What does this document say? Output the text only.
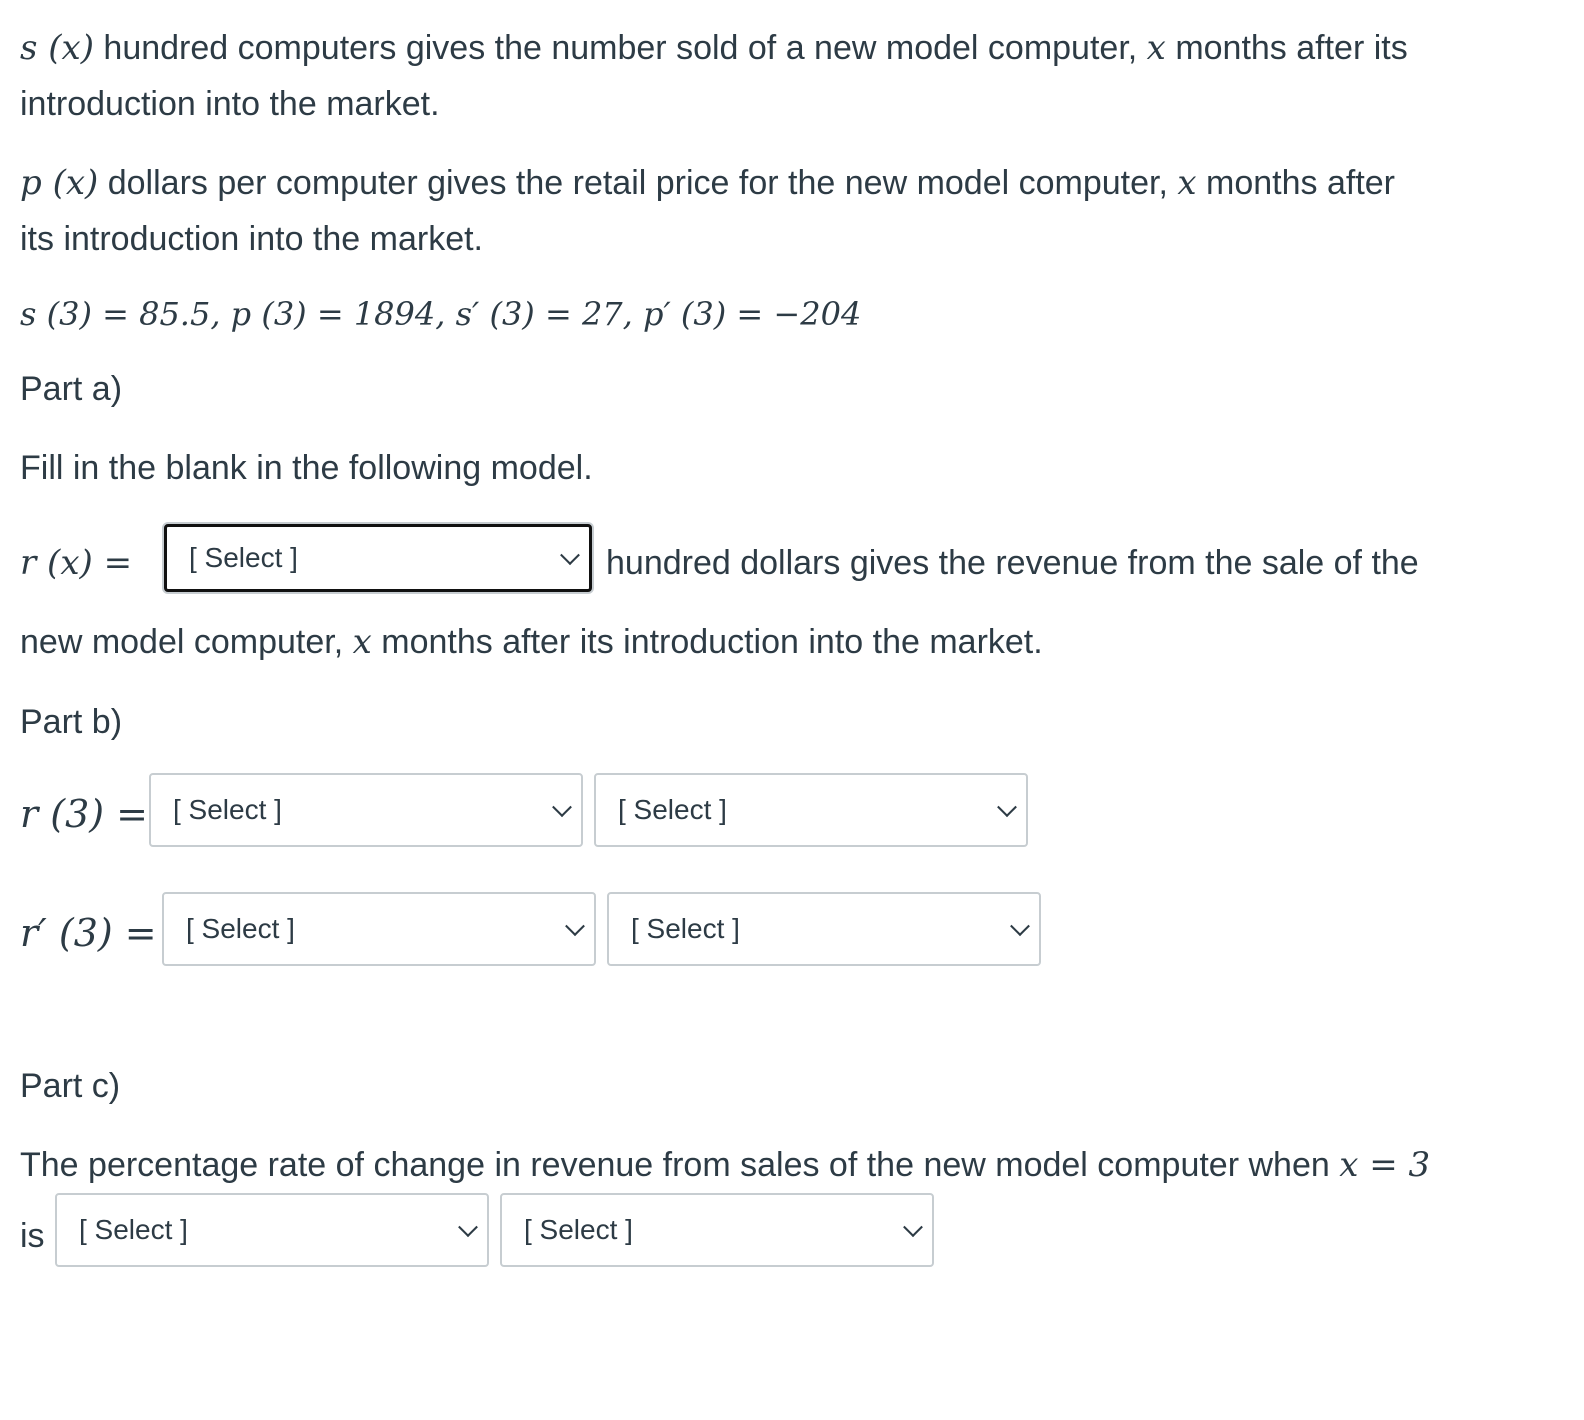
s (x) hundred computers gives the number sold of a new model computer, x months after its
introduction into the market.
p (x) dollars per computer gives the retail price for the new model computer, x months after
its introduction into the market.
s (3) = 85.5, p (3) = 1894, s′ (3) = 27, p′ (3) = −204
Part a)
Fill in the blank in the following model.
r (x) = [ Select ]	hundred dollars gives the revenue from the sale of the
new model computer, x months after its introduction into the market.
Part b)
r (3) = [ Select ]	[ Select ]
r′ (3) = [ Select ]	[ Select ]
Part c)
The percentage rate of change in revenue from sales of the new model computer when x = 3
is [ Select ]	[ Select ]
